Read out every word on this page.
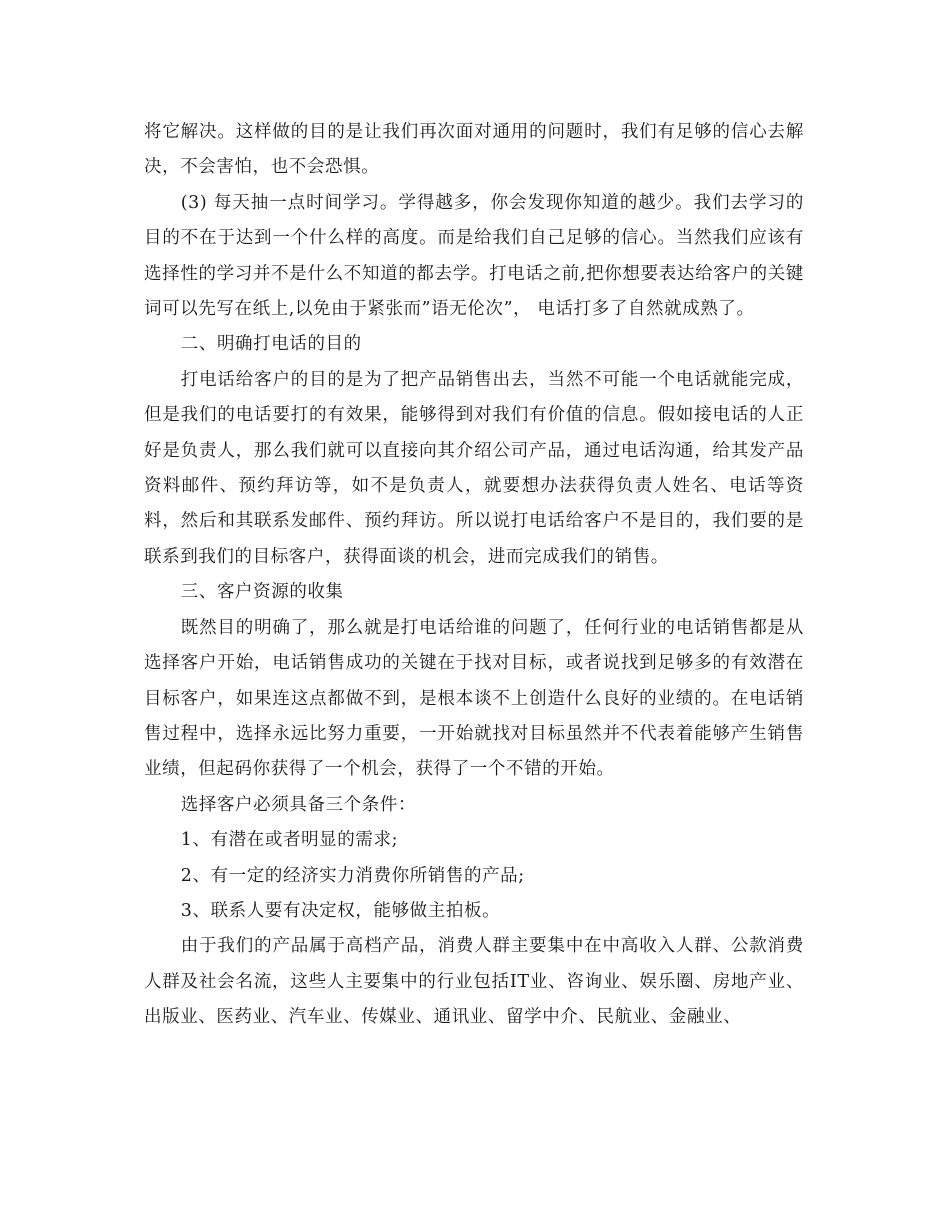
将它解决。这样做的目的是让我们再次面对通用的问题时，我们有足够的信心去解决，不会害怕，也不会恐惧。

(3) 每天抽一点时间学习。学得越多，你会发现你知道的越少。我们去学习的目的不在于达到一个什么样的高度。而是给我们自己足够的信心。当然我们应该有选择性的学习并不是什么不知道的都去学。打电话之前,把你想要表达给客户的关键词可以先写在纸上,以免由于紧张而”语无伦次”， 电话打多了自然就成熟了。

二、明确打电话的目的

打电话给客户的目的是为了把产品销售出去，当然不可能一个电话就能完成，但是我们的电话要打的有效果，能够得到对我们有价值的信息。假如接电话的人正好是负责人，那么我们就可以直接向其介绍公司产品，通过电话沟通，给其发产品资料邮件、预约拜访等，如不是负责人，就要想办法获得负责人姓名、电话等资料，然后和其联系发邮件、预约拜访。所以说打电话给客户不是目的，我们要的是联系到我们的目标客户，获得面谈的机会，进而完成我们的销售。

三、客户资源的收集

既然目的明确了，那么就是打电话给谁的问题了，任何行业的电话销售都是从选择客户开始，电话销售成功的关键在于找对目标，或者说找到足够多的有效潜在目标客户，如果连这点都做不到，是根本谈不上创造什么良好的业绩的。在电话销售过程中，选择永远比努力重要，一开始就找对目标虽然并不代表着能够产生销售业绩，但起码你获得了一个机会，获得了一个不错的开始。

选择客户必须具备三个条件：

1、有潜在或者明显的需求;

2、有一定的经济实力消费你所销售的产品;

3、联系人要有决定权，能够做主拍板。

由于我们的产品属于高档产品，消费人群主要集中在中高收入人群、公款消费人群及社会名流，这些人主要集中的行业包括IT业、咨询业、娱乐圈、房地产业、出版业、医药业、汽车业、传媒业、通讯业、留学中介、民航业、金融业、
